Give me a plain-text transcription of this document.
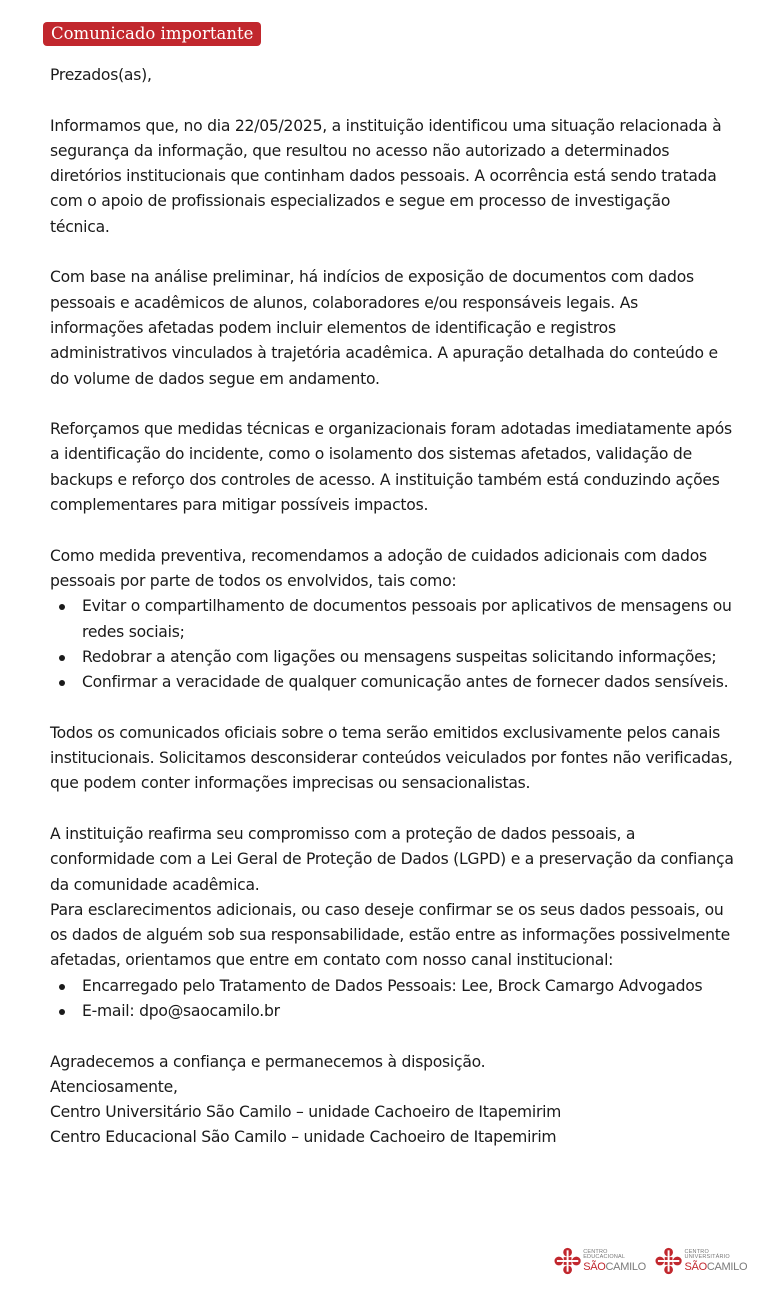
Comunicado importante

Prezados(as),

Informamos que, no dia 22/05/2025, a instituição identificou uma situação relacionada à segurança da informação, que resultou no acesso não autorizado a determinados diretórios institucionais que continham dados pessoais. A ocorrência está sendo tratada com o apoio de profissionais especializados e segue em processo de investigação técnica.

Com base na análise preliminar, há indícios de exposição de documentos com dados pessoais e acadêmicos de alunos, colaboradores e/ou responsáveis legais. As informações afetadas podem incluir elementos de identificação e registros administrativos vinculados à trajetória acadêmica. A apuração detalhada do conteúdo e do volume de dados segue em andamento.

Reforçamos que medidas técnicas e organizacionais foram adotadas imediatamente após a identificação do incidente, como o isolamento dos sistemas afetados, validação de backups e reforço dos controles de acesso. A instituição também está conduzindo ações complementares para mitigar possíveis impactos.

Como medida preventiva, recomendamos a adoção de cuidados adicionais com dados pessoais por parte de todos os envolvidos, tais como:

Evitar o compartilhamento de documentos pessoais por aplicativos de mensagens ou redes sociais;
Redobrar a atenção com ligações ou mensagens suspeitas solicitando informações;
Confirmar a veracidade de qualquer comunicação antes de fornecer dados sensíveis.

Todos os comunicados oficiais sobre o tema serão emitidos exclusivamente pelos canais institucionais. Solicitamos desconsiderar conteúdos veiculados por fontes não verificadas, que podem conter informações imprecisas ou sensacionalistas.

A instituição reafirma seu compromisso com a proteção de dados pessoais, a conformidade com a Lei Geral de Proteção de Dados (LGPD) e a preservação da confiança da comunidade acadêmica.

Para esclarecimentos adicionais, ou caso deseje confirmar se os seus dados pessoais, ou os dados de alguém sob sua responsabilidade, estão entre as informações possivelmente afetadas, orientamos que entre em contato com nosso canal institucional:

Encarregado pelo Tratamento de Dados Pessoais: Lee, Brock Camargo Advogados
E-mail: dpo@saocamilo.br

Agradecemos a confiança e permanecemos à disposição.

Atenciosamente,

Centro Universitário São Camilo – unidade Cachoeiro de Itapemirim

Centro Educacional São Camilo – unidade Cachoeiro de Itapemirim

CENTRO EDUCACIONAL
SÃOCAMILO
CENTRO UNIVERSITÁRIO
SÃOCAMILO
